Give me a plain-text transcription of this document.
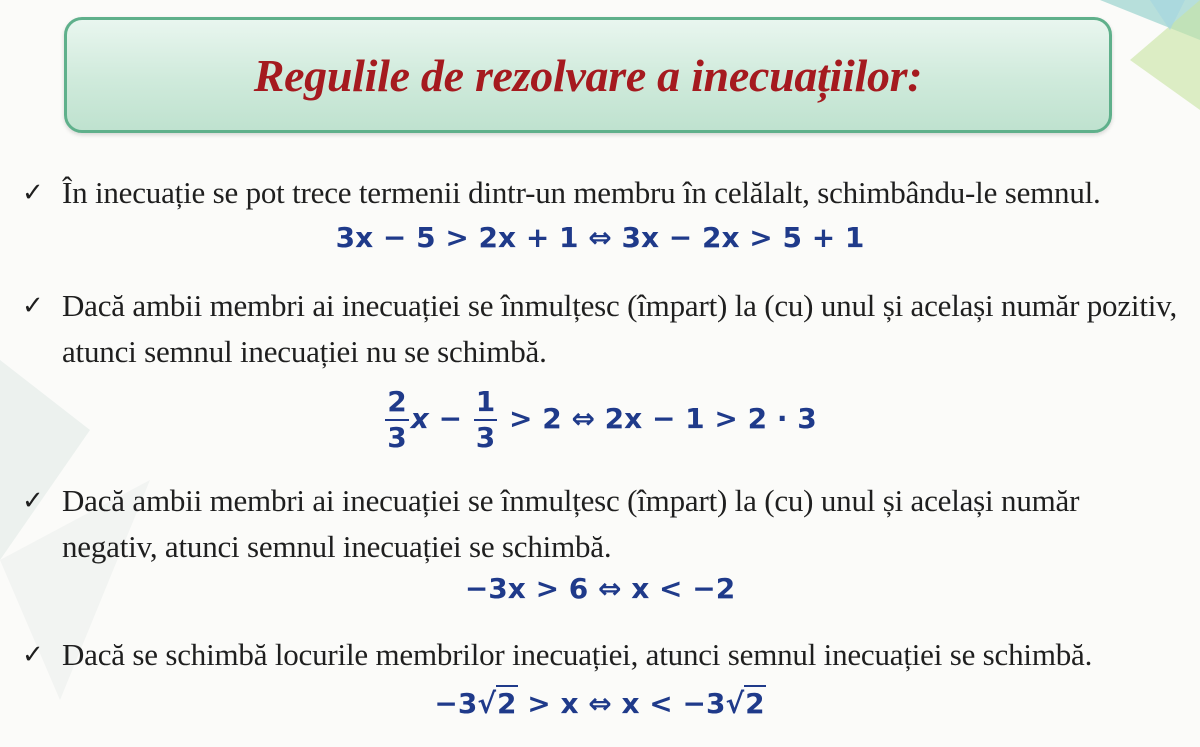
Regulile de rezolvare a inecuațiilor:
✓ În inecuație se pot trece termenii dintr-un membru în celălalt, schimbându-le semnul.
3x − 5 > 2x + 1 ⇔ 3x − 2x > 5 + 1
✓ Dacă ambii membri ai inecuației se înmulțesc (împart) la (cu) unul și același număr pozitiv, atunci semnul inecuației nu se schimbă.
$\frac{2}{3}$ $x - \frac{1}{3} > 2$ ⇔ 2x − 1 > 2 · 3
✓ Dacă ambii membri ai inecuației se înmulțesc (împart) la (cu) unul și același număr negativ, atunci semnul inecuației se schimbă.
−3x > 6 ⇔ x < −2
✓ Dacă se schimbă locurile membrilor inecuației, atunci semnul inecuației se schimbă.
−3√2 > x ⇔ x < −3√2
